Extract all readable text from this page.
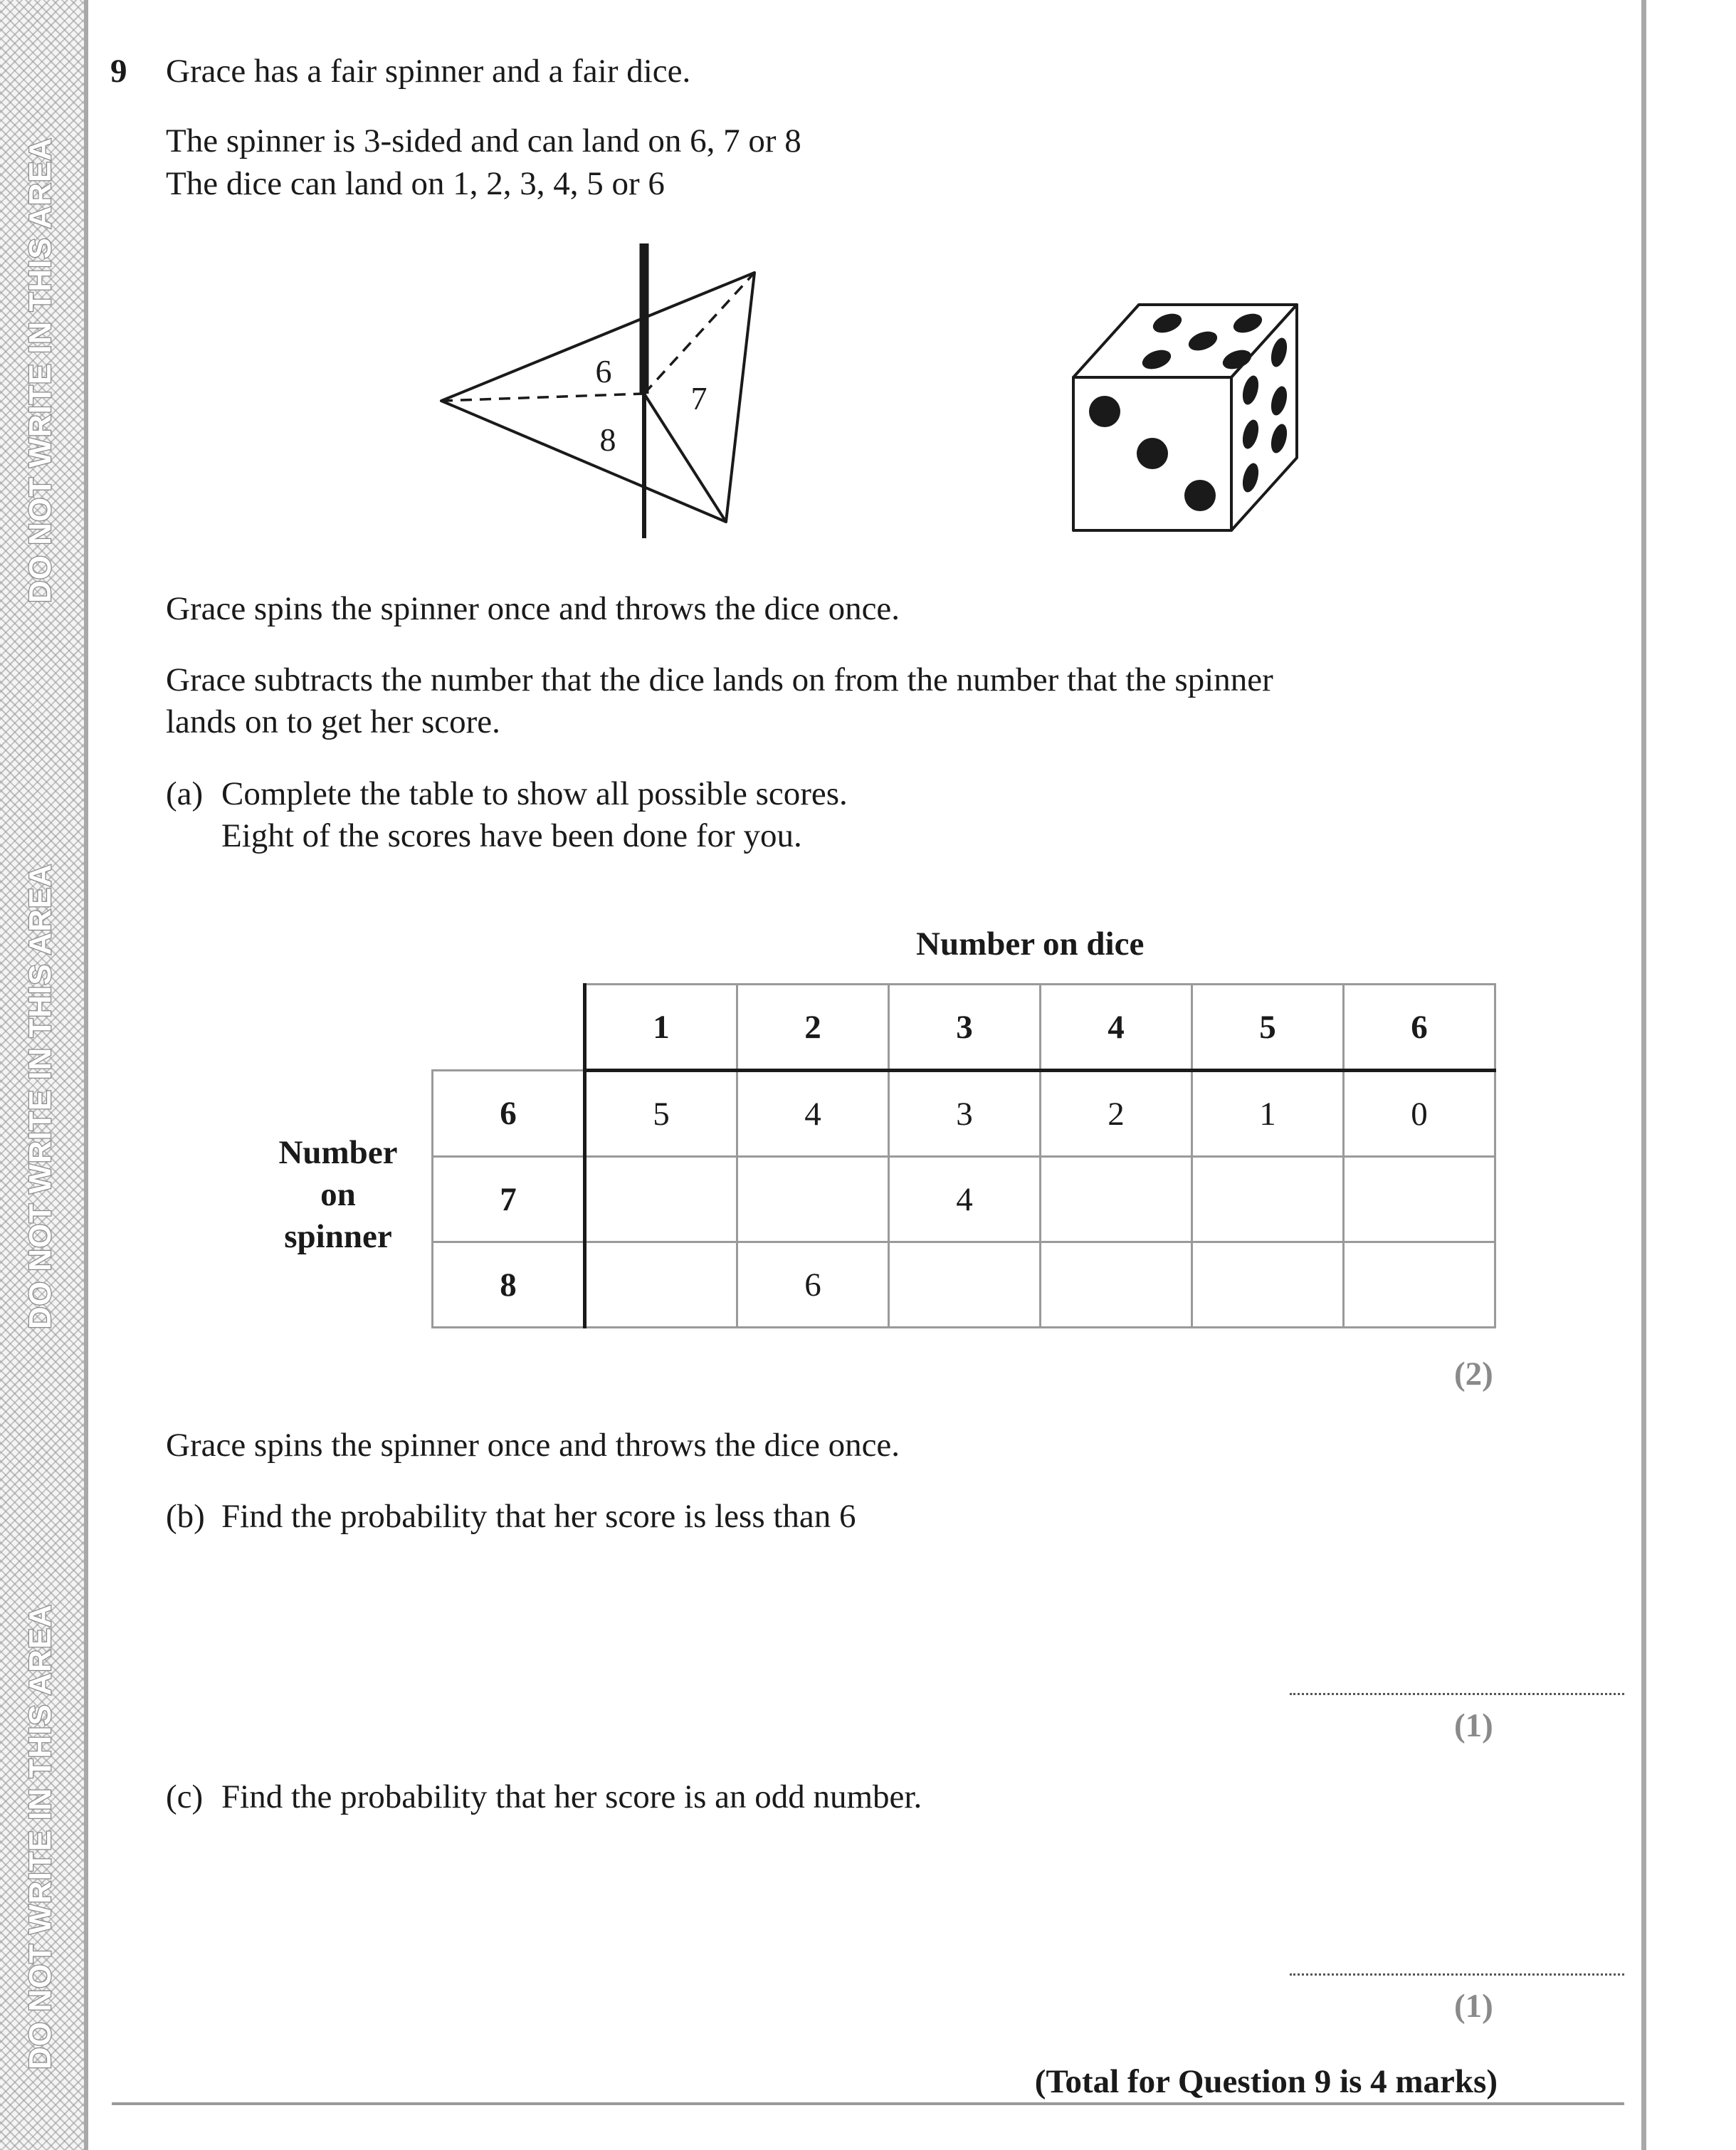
DO NOT WRITE IN THIS AREA
DO NOT WRITE IN THIS AREA
DO NOT WRITE IN THIS AREA
9 Grace has a fair spinner and a fair dice.
The spinner is 3-sided and can land on 6, 7 or 8
The dice can land on 1, 2, 3, 4, 5 or 6
6
7
8
Grace spins the spinner once and throws the dice once.
Grace subtracts the number that the dice lands on from the number that the spinner
lands on to get her score.
(a) Complete the table to show all possible scores.
Eight of the scores have been done for you.
Number on dice
Number
on
spinner
	1	2	3	4	5	6
6	5	4	3	2	1	0
7			4			
8		6				
(2)
Grace spins the spinner once and throws the dice once.
(b) Find the probability that her score is less than 6
(1)
(c) Find the probability that her score is an odd number.
(1)
(Total for Question 9 is 4 marks)
